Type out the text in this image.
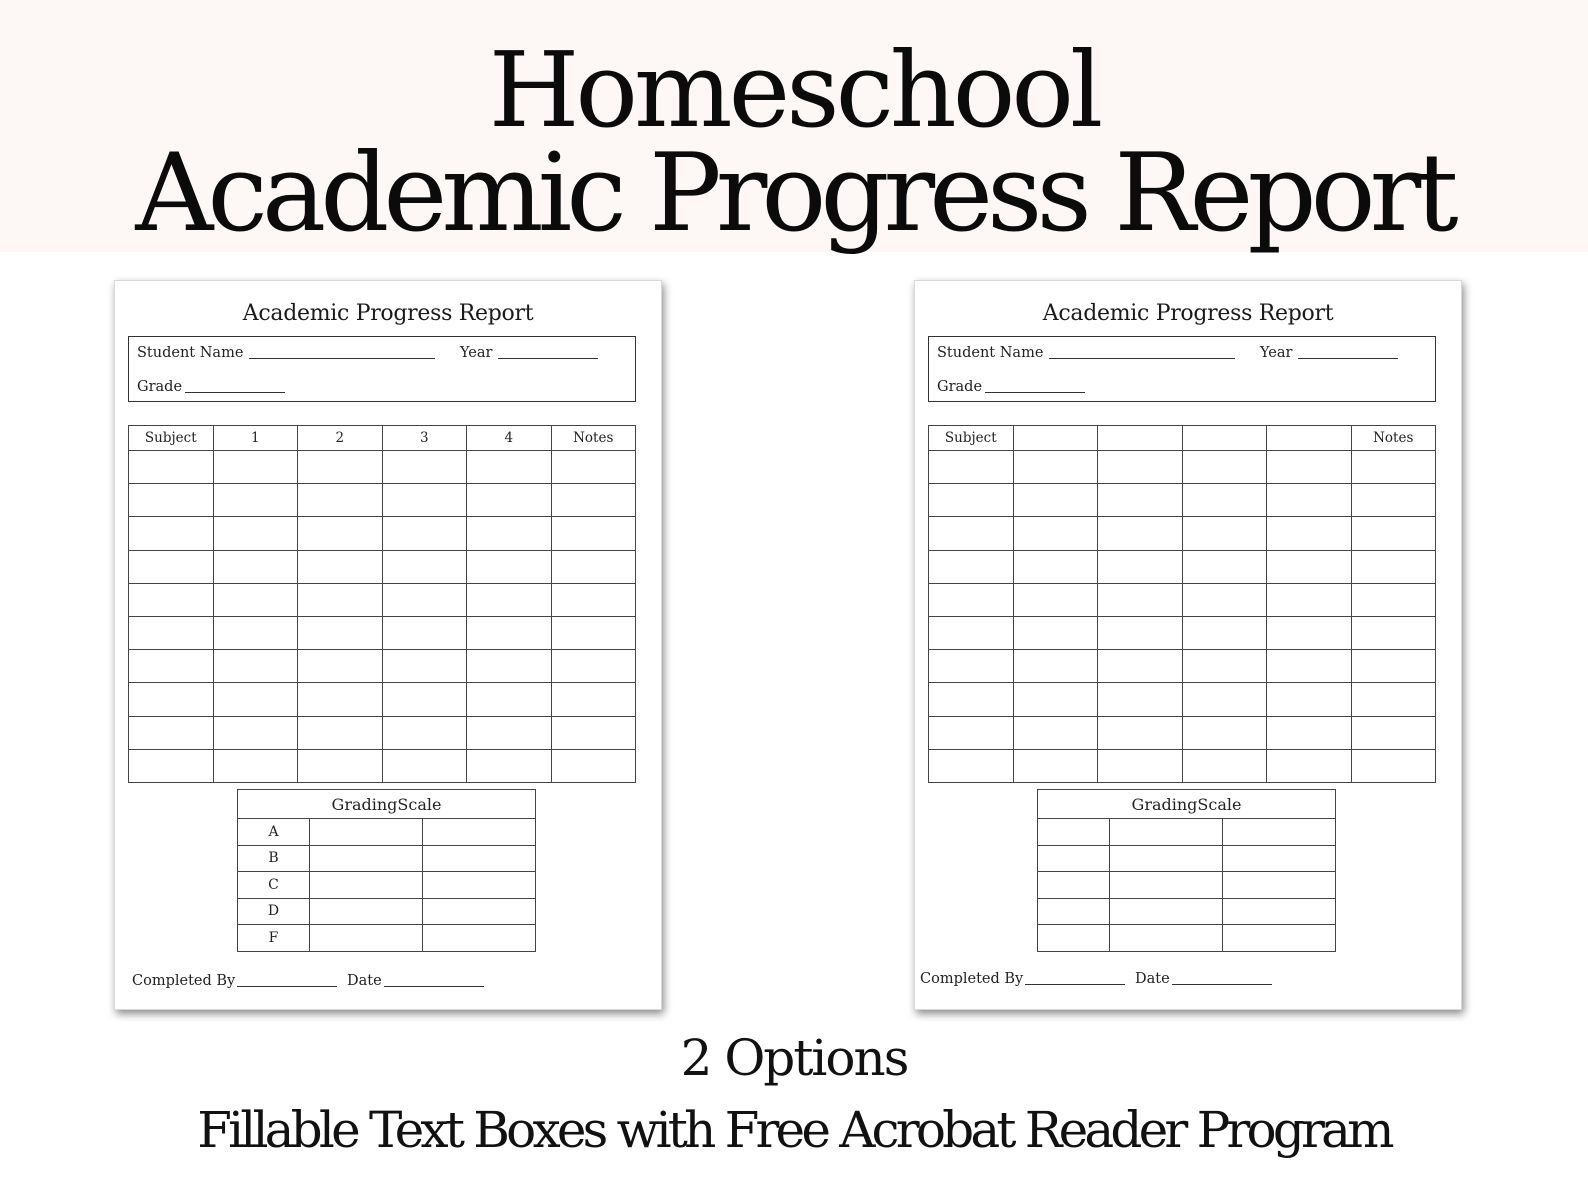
Homeschool
Academic Progress Report
Academic Progress Report
Student Name	Year
Grade
Subject	1	2	3	4	Notes

GradingScale		
A		
B		
C		
D		
F		
Completed By	Date
Academic Progress Report
Student Name	Year
Grade
Subject					Notes

GradingScale		

Completed By	Date
2 Options
Fillable Text Boxes with Free Acrobat Reader Program
